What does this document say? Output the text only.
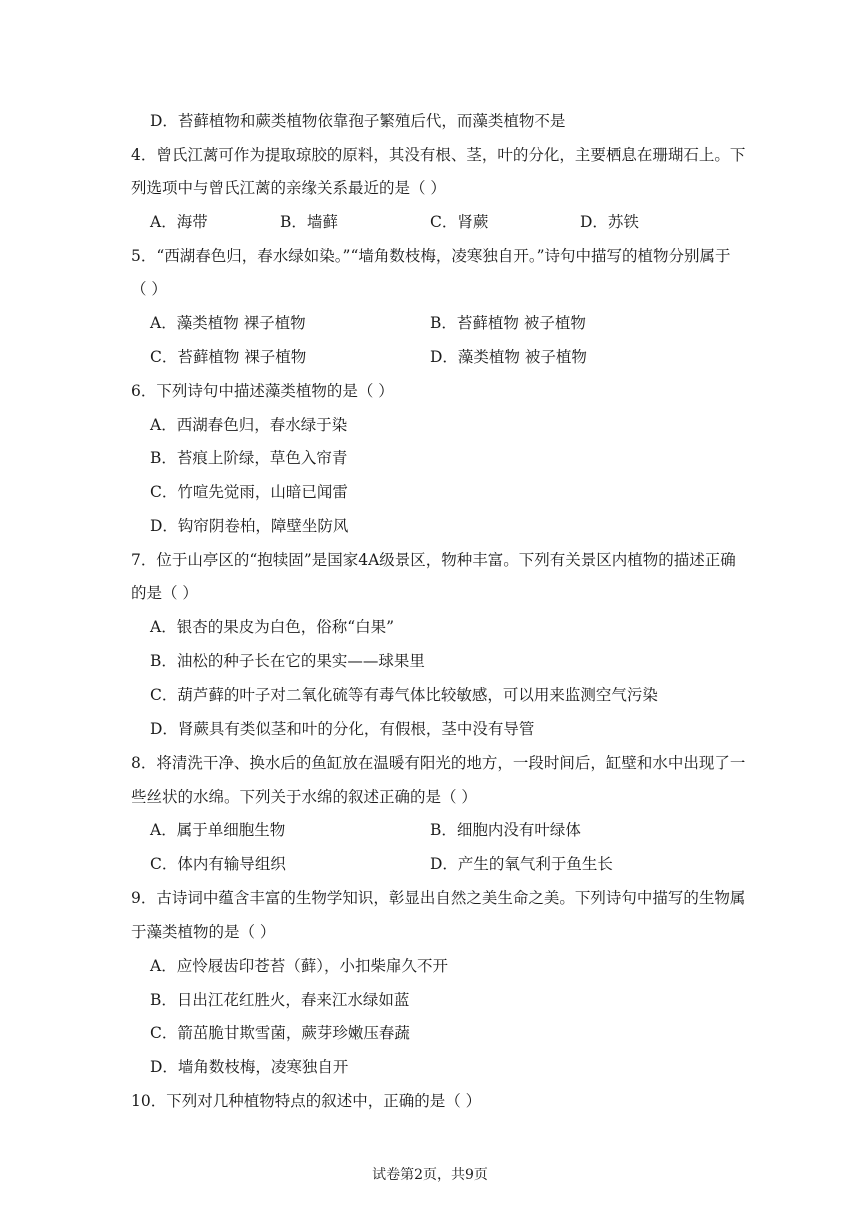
D．苔藓植物和蕨类植物依靠孢子繁殖后代，而藻类植物不是
4．曾氏江蓠可作为提取琼胶的原料，其没有根、茎，叶的分化，主要栖息在珊瑚石上。下
列选项中与曾氏江蓠的亲缘关系最近的是（ ）
A．海带	B．墙藓	C．肾蕨	D．苏铁
5．“西湖春色归，春水绿如染。”“墙角数枝梅，凌寒独自开。”诗句中描写的植物分别属于
（ ）
A．藻类植物 裸子植物	B．苔藓植物 被子植物
C．苔藓植物 裸子植物	D．藻类植物 被子植物
6．下列诗句中描述藻类植物的是（ ）
A．西湖春色归，春水绿于染
B．苔痕上阶绿，草色入帘青
C．竹喧先觉雨，山暗已闻雷
D．钩帘阴卷柏，障壁坐防风
7．位于山亭区的“抱犊固”是国家4A级景区，物种丰富。下列有关景区内植物的描述正确
的是（ ）
A．银杏的果皮为白色，俗称“白果”
B．油松的种子长在它的果实——球果里
C．葫芦藓的叶子对二氧化硫等有毒气体比较敏感，可以用来监测空气污染
D．肾蕨具有类似茎和叶的分化，有假根，茎中没有导管
8．将清洗干净、换水后的鱼缸放在温暖有阳光的地方，一段时间后，缸壁和水中出现了一
些丝状的水绵。下列关于水绵的叙述正确的是（ ）
A．属于单细胞生物	B．细胞内没有叶绿体
C．体内有输导组织	D．产生的氧气利于鱼生长
9．古诗词中蕴含丰富的生物学知识，彰显出自然之美生命之美。下列诗句中描写的生物属
于藻类植物的是（ ）
A．应怜屐齿印苍苔（藓），小扣柴扉久不开
B．日出江花红胜火，春来江水绿如蓝
C．箭茁脆甘欺雪菌，蕨芽珍嫩压春蔬
D．墙角数枝梅，凌寒独自开
10．下列对几种植物特点的叙述中，正确的是（ ）
试卷第2页，共9页
